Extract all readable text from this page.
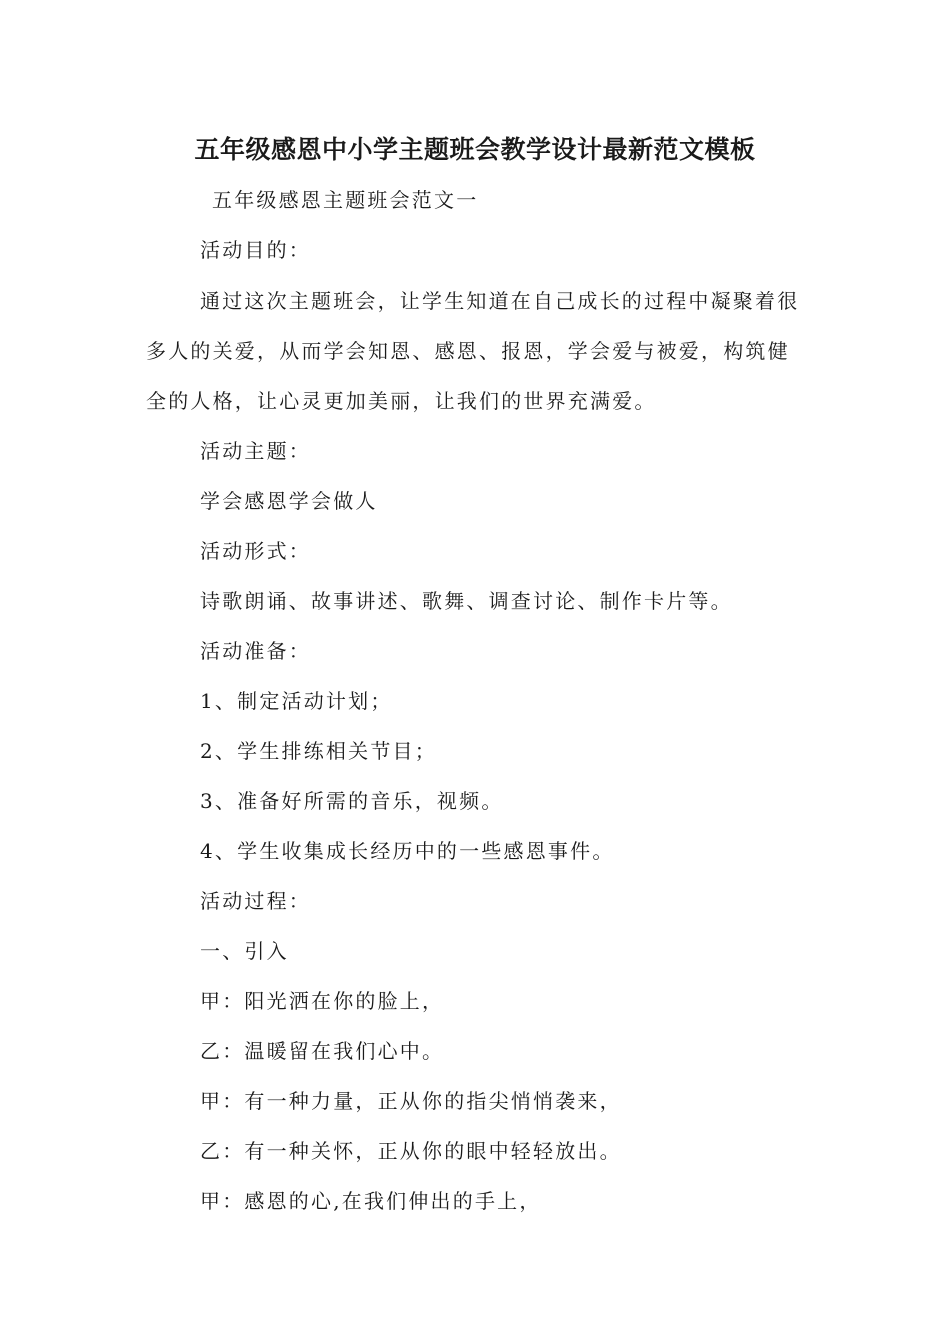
五年级感恩中小学主题班会教学设计最新范文模板
五年级感恩主题班会范文一
活动目的：
通过这次主题班会，让学生知道在自己成长的过程中凝聚着很
多人的关爱，从而学会知恩、感恩、报恩，学会爱与被爱，构筑健
全的人格，让心灵更加美丽，让我们的世界充满爱。
活动主题：
学会感恩学会做人
活动形式：
诗歌朗诵、故事讲述、歌舞、调查讨论、制作卡片等。
活动准备：
1、制定活动计划；
2、学生排练相关节目；
3、准备好所需的音乐，视频。
4、学生收集成长经历中的一些感恩事件。
活动过程：
一、引入
甲：阳光洒在你的脸上，
乙：温暖留在我们心中。
甲：有一种力量，正从你的指尖悄悄袭来，
乙：有一种关怀，正从你的眼中轻轻放出。
甲：感恩的心,在我们伸出的手上，
